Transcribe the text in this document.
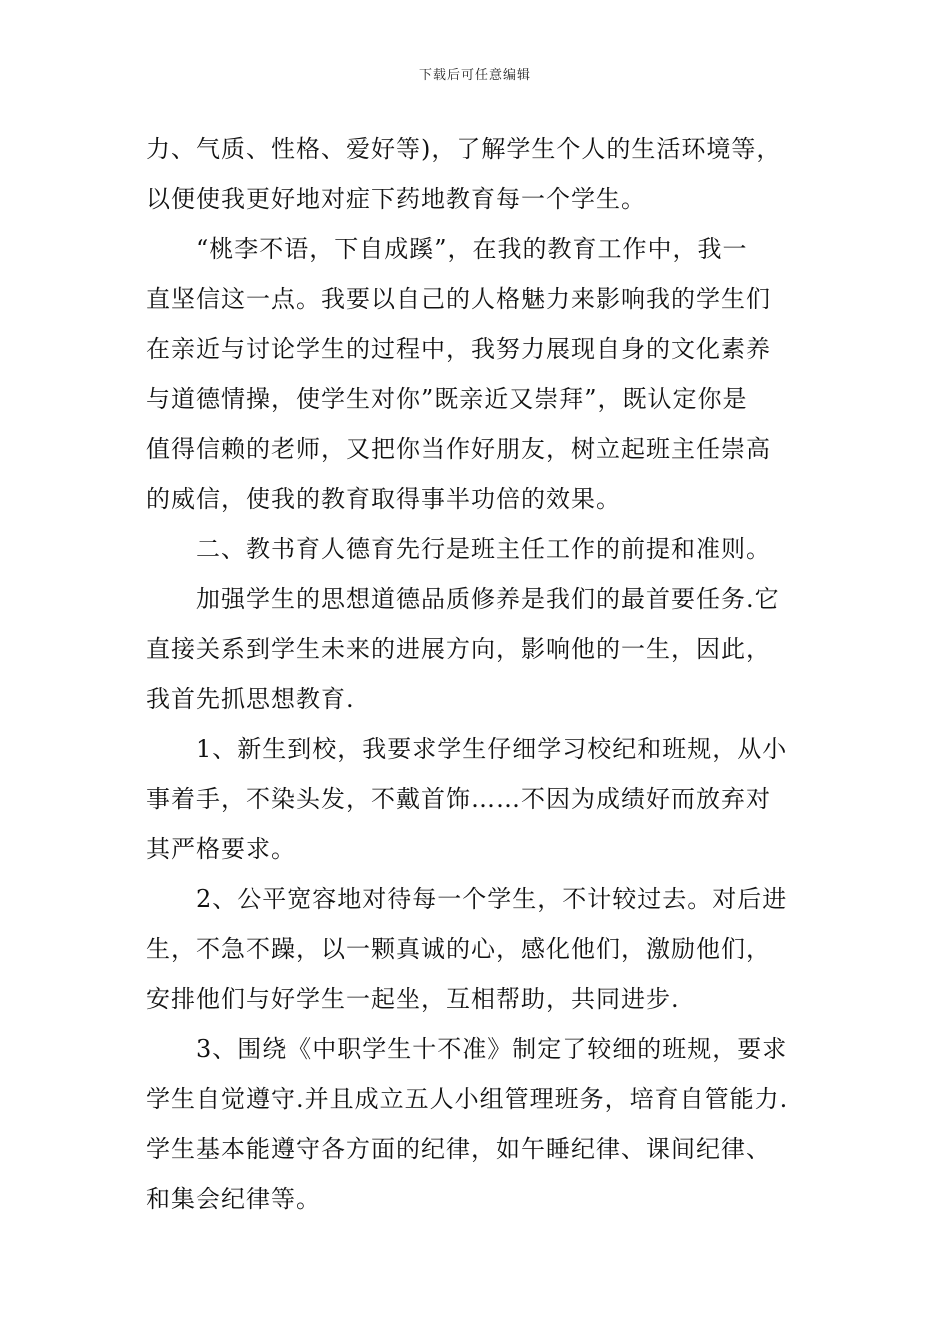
下载后可任意编辑
力、气质、性格、爱好等)，了解学生个人的生活环境等，
以便使我更好地对症下药地教育每一个学生。
“桃李不语，下自成蹊”，在我的教育工作中，我一
直坚信这一点。我要以自己的人格魅力来影响我的学生们
在亲近与讨论学生的过程中，我努力展现自身的文化素养
与道德情操，使学生对你”既亲近又崇拜”，既认定你是
值得信赖的老师，又把你当作好朋友，树立起班主任崇高
的威信，使我的教育取得事半功倍的效果。
二、教书育人德育先行是班主任工作的前提和准则。
加强学生的思想道德品质修养是我们的最首要任务.它
直接关系到学生未来的进展方向，影响他的一生，因此，
我首先抓思想教育.
1、新生到校，我要求学生仔细学习校纪和班规，从小
事着手，不染头发，不戴首饰……不因为成绩好而放弃对
其严格要求。
2、公平宽容地对待每一个学生，不计较过去。对后进
生，不急不躁，以一颗真诚的心，感化他们，激励他们，
安排他们与好学生一起坐，互相帮助，共同进步.
3、围绕《中职学生十不准》制定了较细的班规，要求
学生自觉遵守.并且成立五人小组管理班务，培育自管能力.
学生基本能遵守各方面的纪律，如午睡纪律、课间纪律、
和集会纪律等。
